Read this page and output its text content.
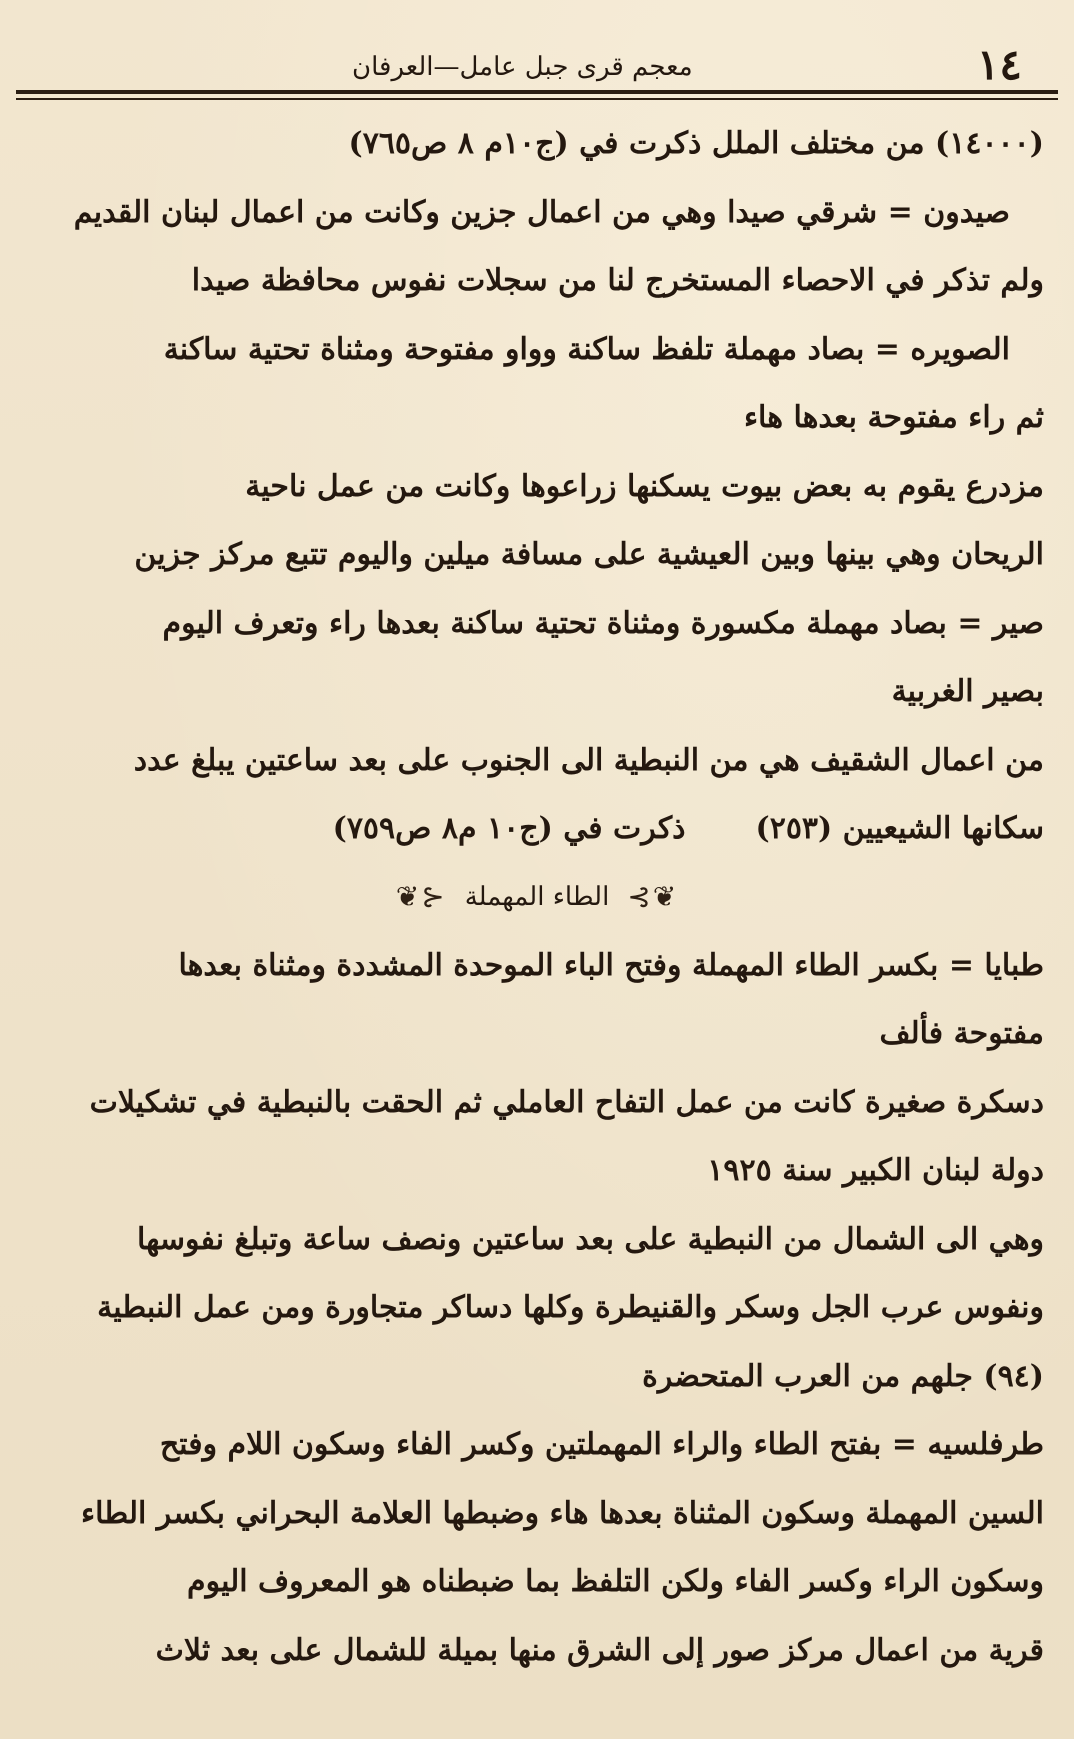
١٤
معجم قرى جبل عامل—العرفان
(١٤٠٠٠) من مختلف الملل ذكرت في (ج١٠م ٨ ص٧٦٥)
صيدون = شرقي صيدا وهي من اعمال جزين وكانت من اعمال لبنان القديم
ولم تذكر في الاحصاء المستخرج لنا من سجلات نفوس محافظة صيدا
الصويره = بصاد مهملة تلفظ ساكنة وواو مفتوحة ومثناة تحتية ساكنة
ثم راء مفتوحة بعدها هاء
مزدرع يقوم به بعض بيوت يسكنها زراعوها وكانت من عمل ناحية
الريحان وهي بينها وبين العيشية على مسافة ميلين واليوم تتبع مركز جزين
صير = بصاد مهملة مكسورة ومثناة تحتية ساكنة بعدها راء وتعرف اليوم
بصير الغربية
من اعمال الشقيف هي من النبطية الى الجنوب على بعد ساعتين يبلغ عدد
سكانها الشيعيين (٢٥٣)ذكرت في (ج١٠ م٨ ص٧٥٩)
❦⊱
الطاء المهملة
⊰❦
طبايا = بكسر الطاء المهملة وفتح الباء الموحدة المشددة ومثناة بعدها
مفتوحة فألف
دسكرة صغيرة كانت من عمل التفاح العاملي ثم الحقت بالنبطية في تشكيلات
دولة لبنان الكبير سنة ١٩٢٥
وهي الى الشمال من النبطية على بعد ساعتين ونصف ساعة وتبلغ نفوسها
ونفوس عرب الجل وسكر والقنيطرة وكلها دساكر متجاورة ومن عمل النبطية
(٩٤) جلهم من العرب المتحضرة
طرفلسيه = بفتح الطاء والراء المهملتين وكسر الفاء وسكون اللام وفتح
السين المهملة وسكون المثناة بعدها هاء وضبطها العلامة البحراني بكسر الطاء
وسكون الراء وكسر الفاء ولكن التلفظ بما ضبطناه هو المعروف اليوم
قرية من اعمال مركز صور إلى الشرق منها بميلة للشمال على بعد ثلاث
